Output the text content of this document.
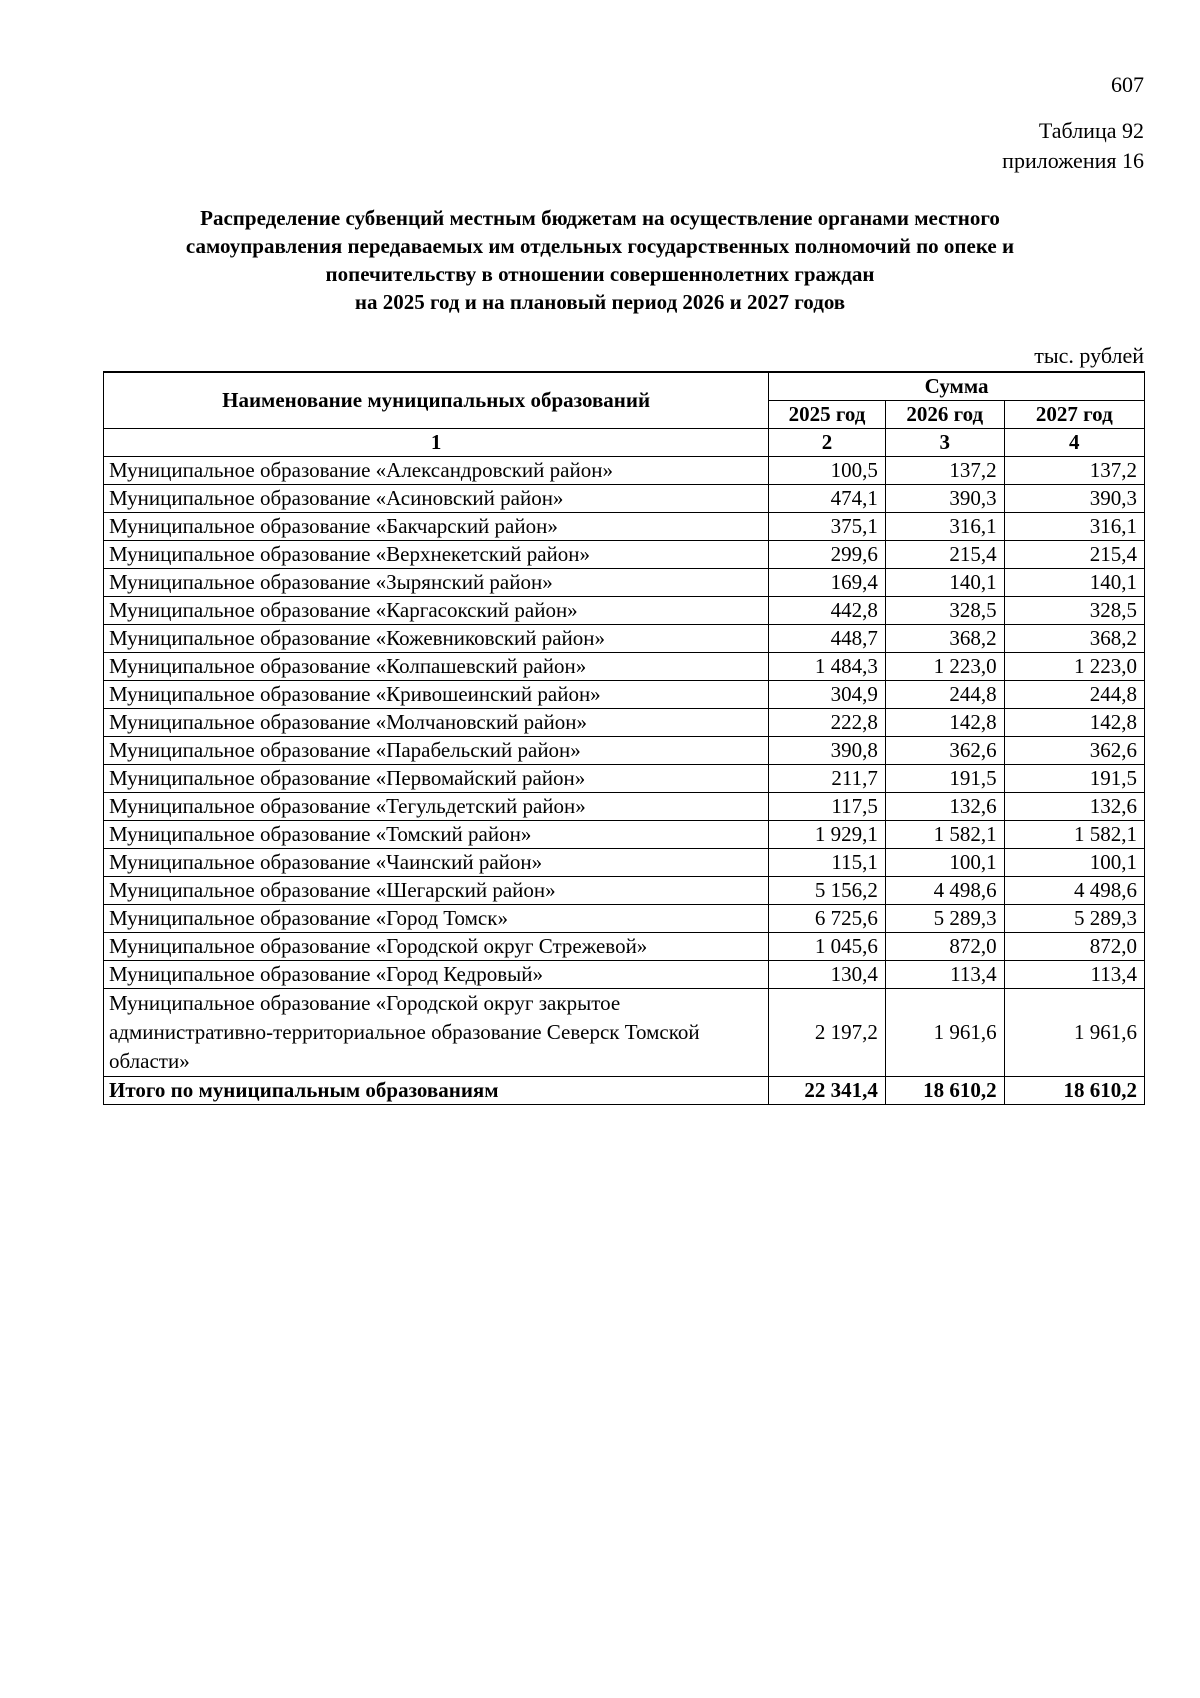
607
Таблица 92
приложения 16
Распределение субвенций местным бюджетам на осуществление органами местного
самоуправления передаваемых им отдельных государственных полномочий по опеке и
попечительству в отношении совершеннолетних граждан
на 2025 год и на плановый период 2026 и 2027 годов
тыс. рублей
Наименование муниципальных образований	Сумма		
	2025 год	2026 год	2027 год
1	2	3	4
Муниципальное образование «Александровский район»	100,5	137,2	137,2
Муниципальное образование «Асиновский район»	474,1	390,3	390,3
Муниципальное образование «Бакчарский район»	375,1	316,1	316,1
Муниципальное образование «Верхнекетский район»	299,6	215,4	215,4
Муниципальное образование «Зырянский район»	169,4	140,1	140,1
Муниципальное образование «Каргасокский район»	442,8	328,5	328,5
Муниципальное образование «Кожевниковский район»	448,7	368,2	368,2
Муниципальное образование «Колпашевский район»	1 484,3	1 223,0	1 223,0
Муниципальное образование «Кривошеинский район»	304,9	244,8	244,8
Муниципальное образование «Молчановский район»	222,8	142,8	142,8
Муниципальное образование «Парабельский район»	390,8	362,6	362,6
Муниципальное образование «Первомайский район»	211,7	191,5	191,5
Муниципальное образование «Тегульдетский район»	117,5	132,6	132,6
Муниципальное образование «Томский район»	1 929,1	1 582,1	1 582,1
Муниципальное образование «Чаинский район»	115,1	100,1	100,1
Муниципальное образование «Шегарский район»	5 156,2	4 498,6	4 498,6
Муниципальное образование «Город Томск»	6 725,6	5 289,3	5 289,3
Муниципальное образование «Городской округ Стрежевой»	1 045,6	872,0	872,0
Муниципальное образование «Город Кедровый»	130,4	113,4	113,4
Муниципальное образование «Городской округ закрытое административно-территориальное образование Северск Томской области»	2 197,2	1 961,6	1 961,6
Итого по муниципальным образованиям	22 341,4	18 610,2	18 610,2
